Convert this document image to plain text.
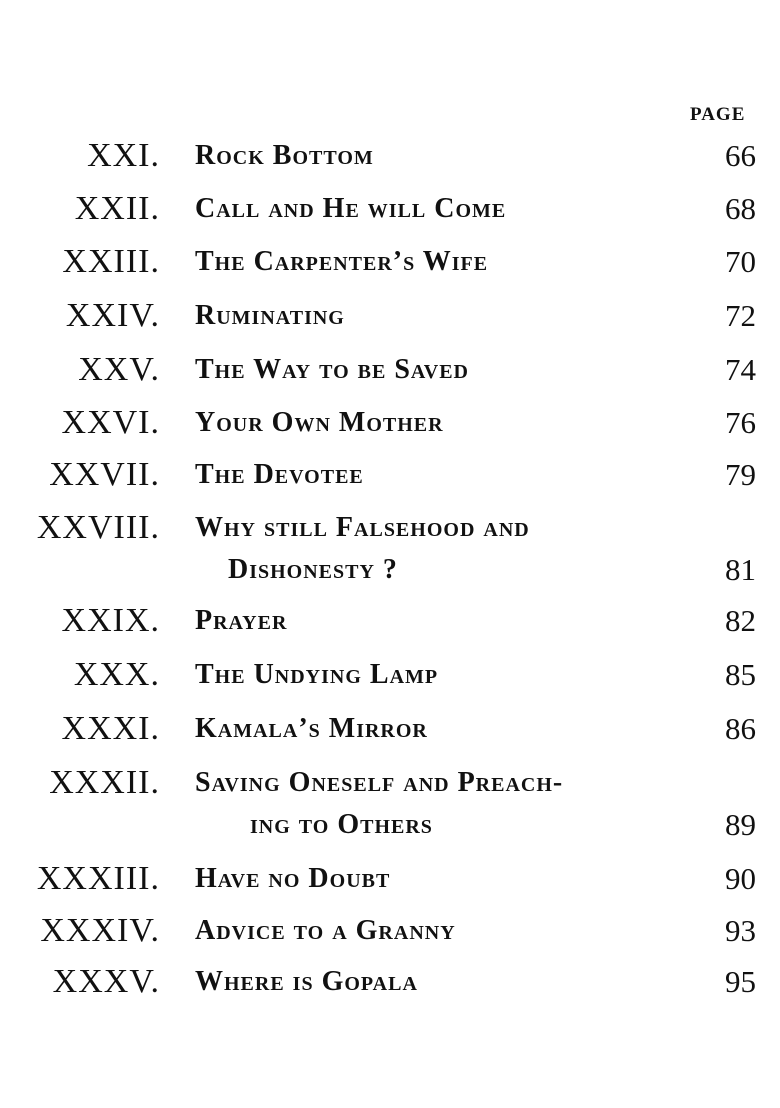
PAGE
XXI. Rock Bottom	66
XXII. Call and He will Come	68
XXIII. The Carpenter’s Wife	70
XXIV. Ruminating	72
XXV. The Way to be Saved	74
XXVI. Your Own Mother	76
XXVII. The Devotee	79
XXVIII. Why still Falsehood and
Dishonesty ?	81
XXIX. Prayer	82
XXX. The Undying Lamp	85
XXXI. Kamala’s Mirror	86
XXXII. Saving Oneself and Preach-
ing to Others	89
XXXIII. Have no Doubt	90
XXXIV. Advice to a Granny	93
XXXV. Where is Gopala	95
